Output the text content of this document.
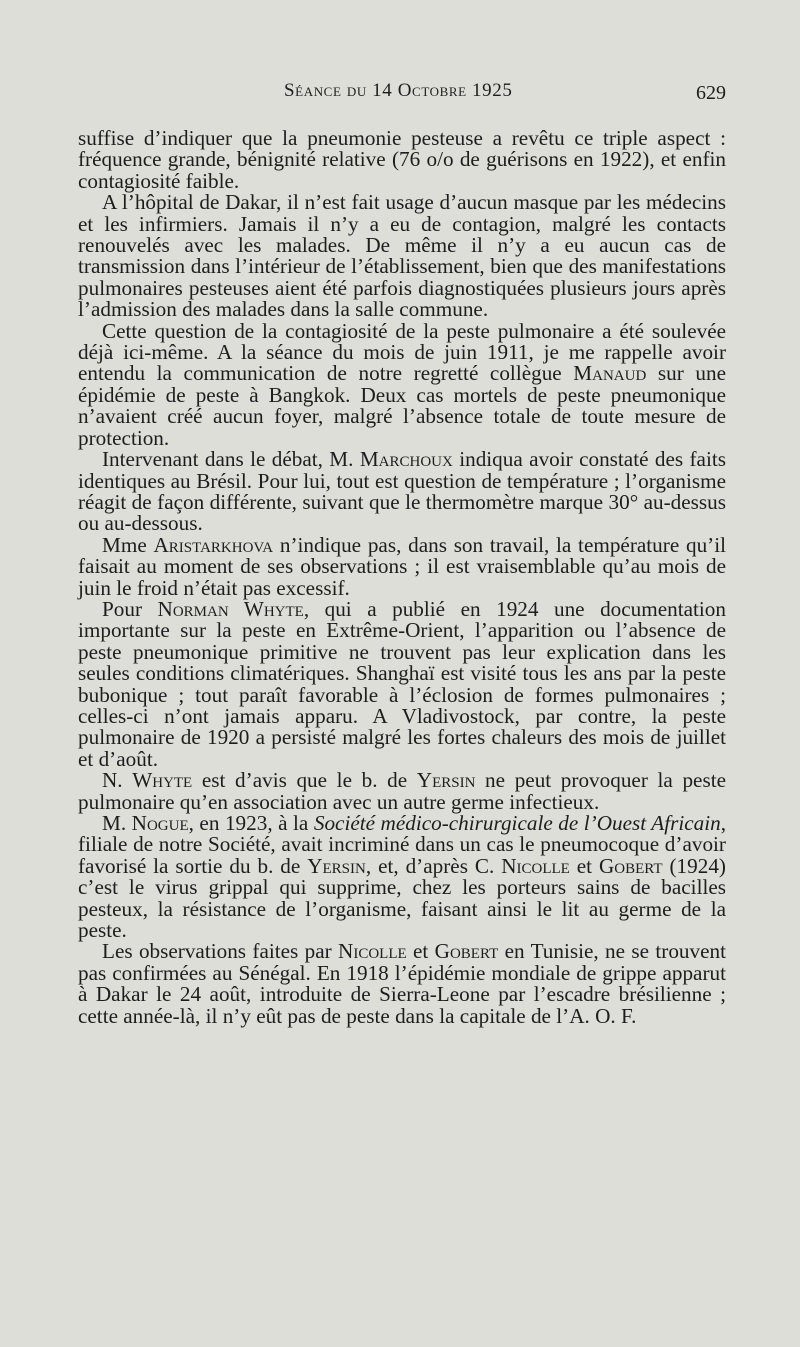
Séance du 14 Octobre 1925	629

suffise d’indiquer que la pneumonie pesteuse a revêtu ce triple aspect : fréquence grande, bénignité relative (76 o/o de guérisons en 1922), et enfin contagiosité faible.

A l’hôpital de Dakar, il n’est fait usage d’aucun masque par les médecins et les infirmiers. Jamais il n’y a eu de contagion, malgré les contacts renouvelés avec les malades. De même il n’y a eu aucun cas de transmission dans l’intérieur de l’établissement, bien que des manifestations pulmonaires pesteuses aient été parfois diagnostiquées plusieurs jours après l’admission des malades dans la salle commune.

Cette question de la contagiosité de la peste pulmonaire a été soulevée déjà ici-même. A la séance du mois de juin 1911, je me rappelle avoir entendu la communication de notre regretté collègue Manaud sur une épidémie de peste à Bangkok. Deux cas mortels de peste pneumonique n’avaient créé aucun foyer, malgré l’absence totale de toute mesure de protection.

Intervenant dans le débat, M. Marchoux indiqua avoir constaté des faits identiques au Brésil. Pour lui, tout est question de température ; l’organisme réagit de façon différente, suivant que le thermomètre marque 30° au-dessus ou au-dessous.

Mme Aristarkhova n’indique pas, dans son travail, la température qu’il faisait au moment de ses observations ; il est vraisemblable qu’au mois de juin le froid n’était pas excessif.

Pour Norman Whyte, qui a publié en 1924 une documentation importante sur la peste en Extrême-Orient, l’apparition ou l’absence de peste pneumonique primitive ne trouvent pas leur explication dans les seules conditions climatériques. Shanghaï est visité tous les ans par la peste bubonique ; tout paraît favorable à l’éclosion de formes pulmonaires ; celles-ci n’ont jamais apparu. A Vladivostock, par contre, la peste pulmonaire de 1920 a persisté malgré les fortes chaleurs des mois de juillet et d’août.

N. Whyte est d’avis que le b. de Yersin ne peut provoquer la peste pulmonaire qu’en association avec un autre germe infectieux.

M. Nogue, en 1923, à la Société médico-chirurgicale de l’Ouest Africain, filiale de notre Société, avait incriminé dans un cas le pneumocoque d’avoir favorisé la sortie du b. de Yersin, et, d’après C. Nicolle et Gobert (1924) c’est le virus grippal qui supprime, chez les porteurs sains de bacilles pesteux, la résistance de l’organisme, faisant ainsi le lit au germe de la peste.

Les observations faites par Nicolle et Gobert en Tunisie, ne se trouvent pas confirmées au Sénégal. En 1918 l’épidémie mondiale de grippe apparut à Dakar le 24 août, introduite de Sierra-Leone par l’escadre brésilienne ; cette année-là, il n’y eût pas de peste dans la capitale de l’A. O. F.
